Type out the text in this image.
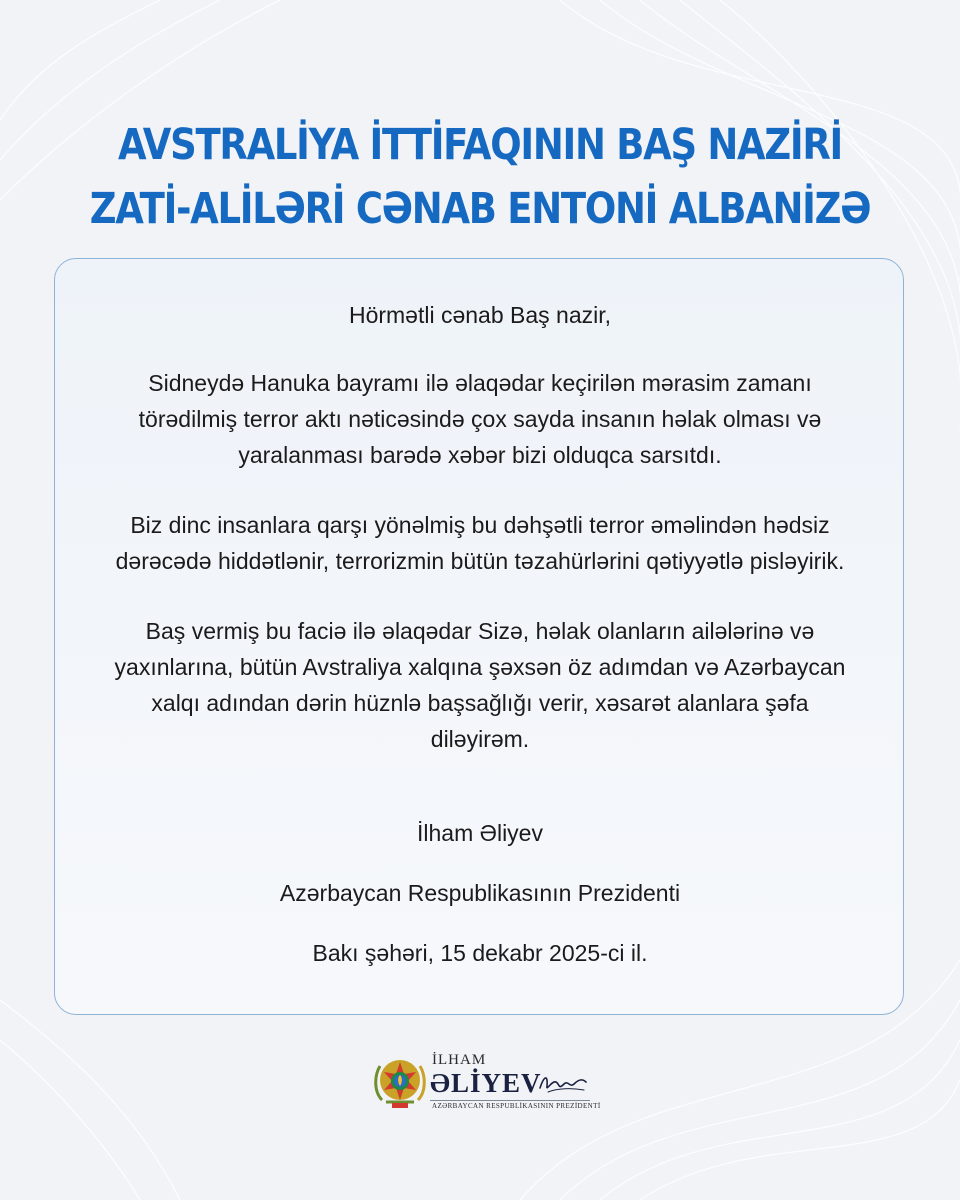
AVSTRALİYA İTTİFAQININ BAŞ NAZİRİ
ZATİ-ALİLƏRİ CƏNAB ENTONİ ALBANİZƏ

Hörmətli cənab Baş nazir,

Sidneydə Hanuka bayramı ilə əlaqədar keçirilən mərasim zamanı
törədilmiş terror aktı nəticəsində çox sayda insanın həlak olması və
yaralanması barədə xəbər bizi olduqca sarsıtdı.

Biz dinc insanlara qarşı yönəlmiş bu dəhşətli terror əməlindən hədsiz
dərəcədə hiddətlənir, terrorizmin bütün təzahürlərini qətiyyətlə pisləyirik.

Baş vermiş bu faciə ilə əlaqədar Sizə, həlak olanların ailələrinə və
yaxınlarına, bütün Avstraliya xalqına şəxsən öz adımdan və Azərbaycan
xalqı adından dərin hüznlə başsağlığı verir, xəsarət alanlara şəfa
diləyirəm.

İlham Əliyev

Azərbaycan Respublikasının Prezidenti

Bakı şəhəri, 15 dekabr 2025-ci il.

İLHAM
ƏLİYEV
AZƏRBAYCAN RESPUBLİKASININ PREZİDENTİ
